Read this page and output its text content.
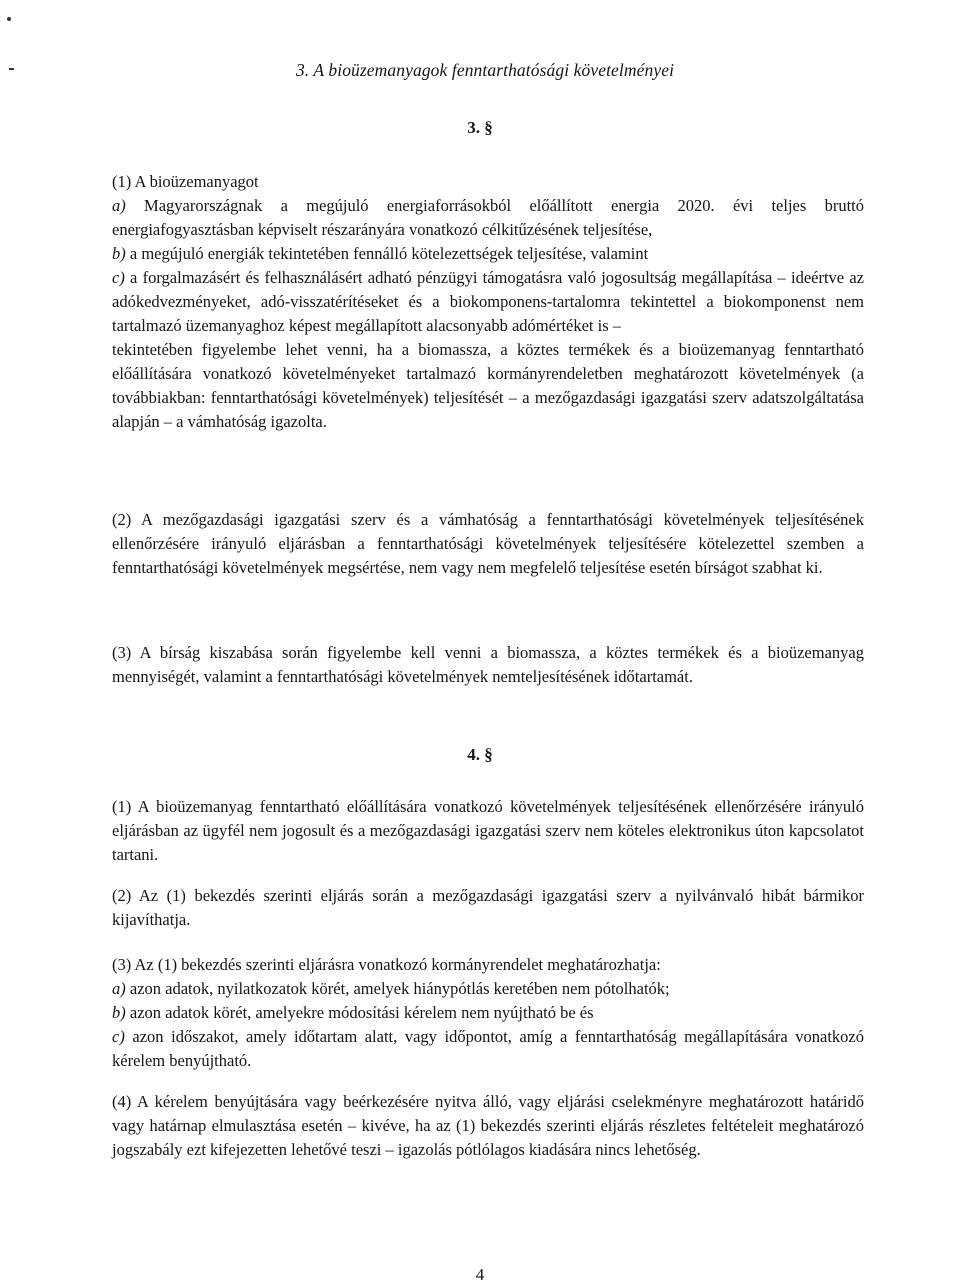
3. A bioüzemanyagok fenntarthatósági követelményei
3. §

(1) A bioüzemanyagot

a) Magyarországnak a megújuló energiaforrásokból előállított energia 2020. évi teljes bruttó energiafogyasztásban képviselt részarányára vonatkozó célkitűzésének teljesítése,

b) a megújuló energiák tekintetében fennálló kötelezettségek teljesítése, valamint

c) a forgalmazásért és felhasználásért adható pénzügyi támogatásra való jogosultság megállapítása – ideértve az adókedvezményeket, adó-visszatérítéseket és a biokomponens-tartalomra tekintettel a biokomponenst nem tartalmazó üzemanyaghoz képest megállapított alacsonyabb adómértéket is –

tekintetében figyelembe lehet venni, ha a biomassza, a köztes termékek és a bioüzemanyag fenntartható előállítására vonatkozó követelményeket tartalmazó kormányrendeletben meghatározott követelmények (a továbbiakban: fenntarthatósági követelmények) teljesítését – a mezőgazdasági igazgatási szerv adatszolgáltatása alapján – a vámhatóság igazolta.

(2) A mezőgazdasági igazgatási szerv és a vámhatóság a fenntarthatósági követelmények teljesítésének ellenőrzésére irányuló eljárásban a fenntarthatósági követelmények teljesítésére kötelezettel szemben a fenntarthatósági követelmények megsértése, nem vagy nem megfelelő teljesítése esetén bírságot szabhat ki.

(3) A bírság kiszabása során figyelembe kell venni a biomassza, a köztes termékek és a bioüzemanyag mennyiségét, valamint a fenntarthatósági követelmények nemteljesítésének időtartamát.

4. §

(1) A bioüzemanyag fenntartható előállítására vonatkozó követelmények teljesítésének ellenőrzésére irányuló eljárásban az ügyfél nem jogosult és a mezőgazdasági igazgatási szerv nem köteles elektronikus úton kapcsolatot tartani.

(2) Az (1) bekezdés szerinti eljárás során a mezőgazdasági igazgatási szerv a nyilvánvaló hibát bármikor kijavíthatja.

(3) Az (1) bekezdés szerinti eljárásra vonatkozó kormányrendelet meghatározhatja:

a) azon adatok, nyilatkozatok körét, amelyek hiánypótlás keretében nem pótolhatók;

b) azon adatok körét, amelyekre módosítási kérelem nem nyújtható be és

c) azon időszakot, amely időtartam alatt, vagy időpontot, amíg a fenntarthatóság megállapítására vonatkozó kérelem benyújtható.

(4) A kérelem benyújtására vagy beérkezésére nyitva álló, vagy eljárási cselekményre meghatározott határidő vagy határnap elmulasztása esetén – kivéve, ha az (1) bekezdés szerinti eljárás részletes feltételeit meghatározó jogszabály ezt kifejezetten lehetővé teszi – igazolás pótlólagos kiadására nincs lehetőség.

4
